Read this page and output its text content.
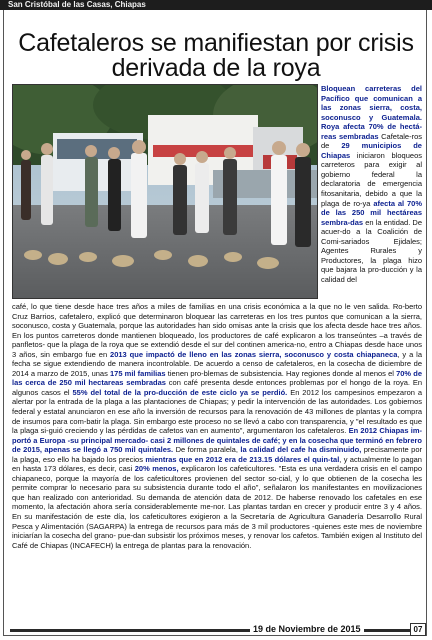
San Cristóbal de las Casas, Chiapas
Cafetaleros se manifiestan por crisis derivada de la roya

Bloquean carreteras del Pacífico que comunican a las zonas sierra, costa, soconusco y Guatemala. Roya afecta 70% de hectá-reas sembradas Cafetale-ros de 29 municipios de Chiapas iniciaron bloqueos carreteros para exigir al gobierno federal la declaratoria de emergencia fitosanitaria, debido a que la plaga de ro-ya afecta al 70% de las 250 mil hectáreas sembra-das en la entidad. De acuer-do a la Coalición de Comi-sariados Ejidales; Agentes Rurales y Productores, la plaga hizo que bajara la pro-ducción y la calidad del

café, lo que tiene desde hace tres años a miles de familias en una crisis económica a la que no le ven salida. Ro-berto Cruz Barrios, cafetalero, explicó que determinaron bloquear las carreteras en los tres puntos que comunican a la sierra, soconusco, costa y Guatemala, porque las autoridades han sido omisas ante la crisis que los afecta desde hace tres años. En los puntos carreteros donde mantienen bloqueado, los productores de café explicaron a los transeúntes –a través de panfletos- que la plaga de la roya que se extendió desde el sur del continen america-no, entro a Chiapas desde hace unos 3 años, sin embargo fue en 2013 que impactó de lleno en las zonas sierra, soconusco y costa chiapaneca, y a la fecha se sigue extendiendo de manera incontrolable. De acuerdo a censo de cafetaleros, en la cosecha de diciembre de 2014 a marzo de 2015, unas 175 mil familias tienen pro-blemas de subsistencia. Hay regiones donde al menos el 70% de las cerca de 250 mil hectareas sembradas con café presenta desde entonces problemas por el hongo de la roya. En algunos casos el 55% del total de la pro-ducción de este ciclo ya se perdió. En 2012 los campesinos empezaron a alertar por la entrada de la plaga a las plantaciones de Chiapas; y pedir la intervención de las autoridades. Los gobiernos federal y estatal anunciaron en ese año la inversión de recursos para la renovación de 43 millones de plantas y la compra de insumos para com-batir la plaga. Sin embargo este proceso no se llevó a cabo con transparencia, y "el resultado es que la plaga si-guió creciendo y las pérdidas de cafetos van en aumento", argumentaron los cafetaleros. En 2012 Chiapas im-portó a Europa -su principal mercado- casi 2 millones de quintales de café; y en la cosecha que terminó en febrero de 2015, apenas se llegó a 750 mil quintales. De forma paralela, la calidad del cafe ha disminuido, precisamente por la plaga, eso ello ha bajado los precios mientras que en 2012 era de 213.15 dólares el quin-tal, y actualmente lo pagan en hasta 173 dólares, es decir, casi 20% menos, explicaron los cafeticultores. "Esta es una verdadera crisis en el campo chiapaneco, porque la mayoría de los cafeticultores provienen del sector so-cial, y lo que obtienen de la cosecha les permite comprar lo necesario para su subsistencia durante todo el año", señalaron los manifestantes en movilizaciones que han realizado con anterioridad. Su demanda de atención data de 2012. De haberse renovado los cafetales en ese momento, la afectación ahora sería considerablemente me-nor. Las plantas tardan en crecer y producir entre 3 y 4 años. En su manifestación de este día, los cafeticultores exigieron a la Secretaría de Agricultura Ganadería Desarrollo Rural Pesca y Alimentación (SAGARPA) la entrega de recursos para más de 3 mil productores -quienes este mes de noviembre iniciarían la cosecha del grano- pue-dan subsistir los próximos meses, y renovar los cafetos. También exigen al Instituto del Café de Chiapas (INCAFECH) la entrega de plantas para la renovación.

19 de Noviembre de 2015	07
